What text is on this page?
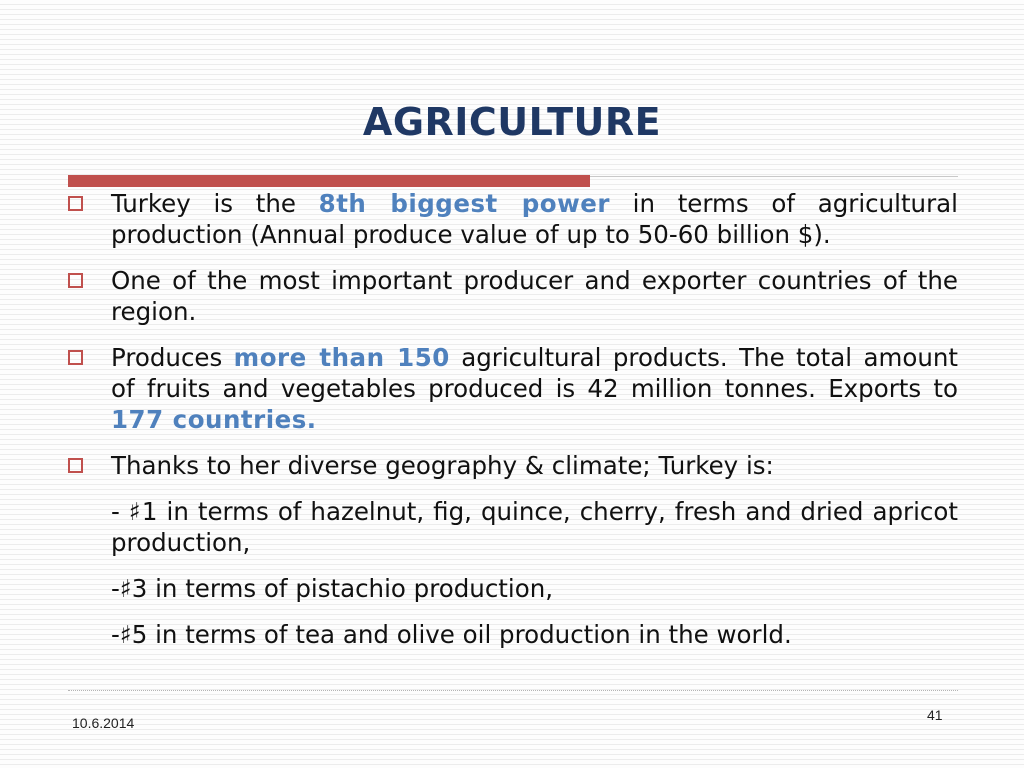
AGRICULTURE
Turkey is the 8th biggest power in terms of agricultural production (Annual produce value of up to 50-60 billion $).
One of the most important producer and exporter countries of the region.
Produces more than 150 agricultural products. The total amount of fruits and vegetables produced is 42 million tonnes. Exports to 177 countries.
Thanks to her diverse geography & climate; Turkey is:
- ♯1 in terms of hazelnut, fig, quince, cherry, fresh and dried apricot production,
-♯3 in terms of pistachio production,
-♯5 in terms of tea and olive oil production in the world.
10.6.2014	41
